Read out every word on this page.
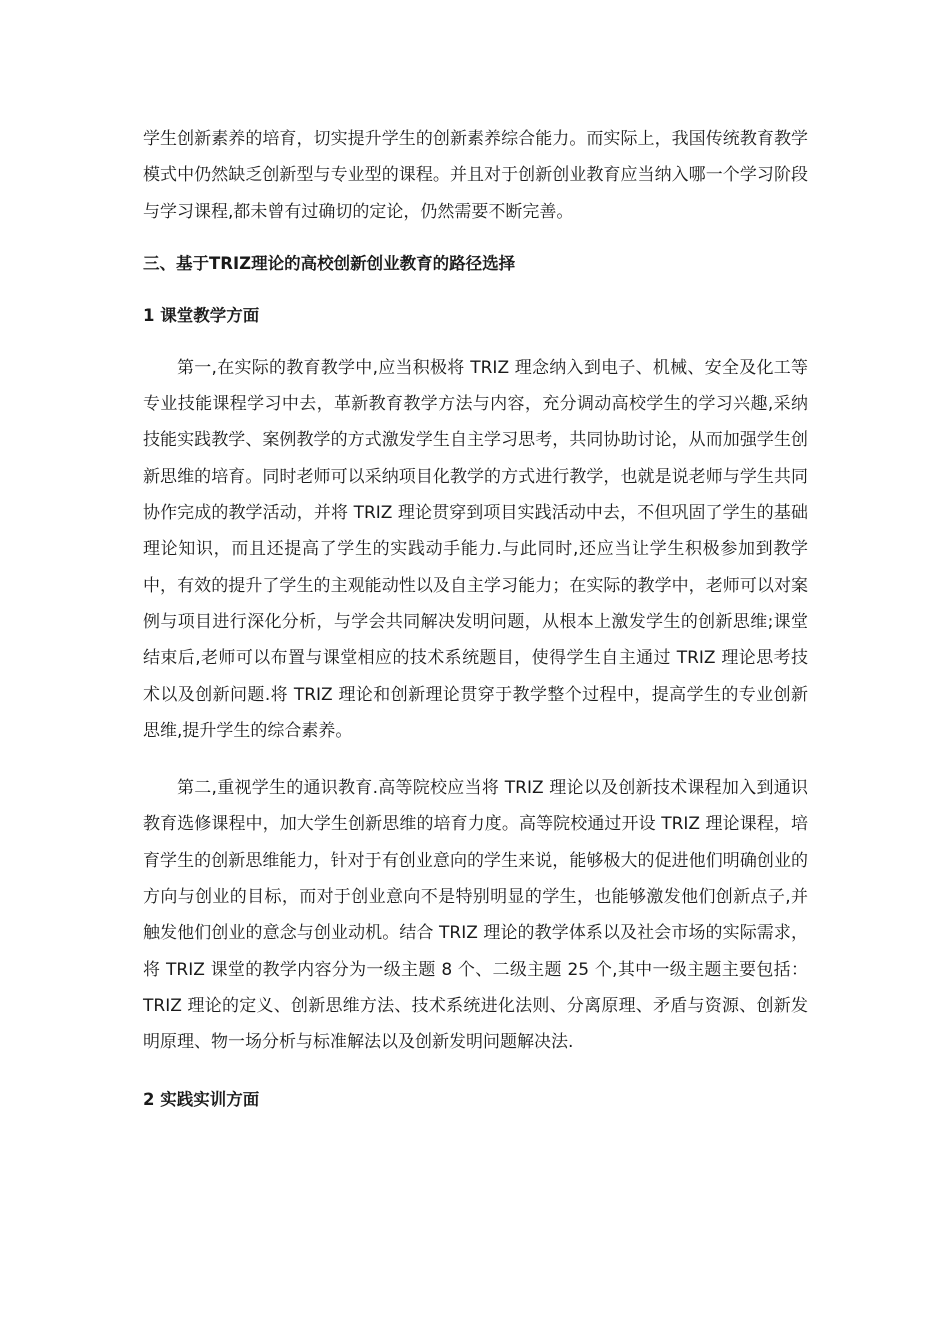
学生创新素养的培育，切实提升学生的创新素养综合能力。而实际上，我国传统教育教学模式中仍然缺乏创新型与专业型的课程。并且对于创新创业教育应当纳入哪一个学习阶段与学习课程,都未曾有过确切的定论，仍然需要不断完善。

三、基于TRIZ理论的高校创新创业教育的路径选择

1 课堂教学方面

第一,在实际的教育教学中,应当积极将 TRIZ 理念纳入到电子、机械、安全及化工等专业技能课程学习中去，革新教育教学方法与内容，充分调动高校学生的学习兴趣,采纳技能实践教学、案例教学的方式激发学生自主学习思考，共同协助讨论，从而加强学生创新思维的培育。同时老师可以采纳项目化教学的方式进行教学，也就是说老师与学生共同协作完成的教学活动，并将 TRIZ 理论贯穿到项目实践活动中去，不但巩固了学生的基础理论知识，而且还提高了学生的实践动手能力.与此同时,还应当让学生积极参加到教学中，有效的提升了学生的主观能动性以及自主学习能力；在实际的教学中，老师可以对案例与项目进行深化分析，与学会共同解决发明问题，从根本上激发学生的创新思维;课堂结束后,老师可以布置与课堂相应的技术系统题目，使得学生自主通过 TRIZ 理论思考技术以及创新问题.将 TRIZ 理论和创新理论贯穿于教学整个过程中，提高学生的专业创新思维,提升学生的综合素养。

第二,重视学生的通识教育.高等院校应当将 TRIZ 理论以及创新技术课程加入到通识教育选修课程中，加大学生创新思维的培育力度。高等院校通过开设 TRIZ 理论课程，培育学生的创新思维能力，针对于有创业意向的学生来说，能够极大的促进他们明确创业的方向与创业的目标，而对于创业意向不是特别明显的学生，也能够激发他们创新点子,并触发他们创业的意念与创业动机。结合 TRIZ 理论的教学体系以及社会市场的实际需求，将 TRIZ 课堂的教学内容分为一级主题 8 个、二级主题 25 个,其中一级主题主要包括：TRIZ 理论的定义、创新思维方法、技术系统进化法则、分离原理、矛盾与资源、创新发明原理、物一场分析与标准解法以及创新发明问题解决法.

2 实践实训方面
